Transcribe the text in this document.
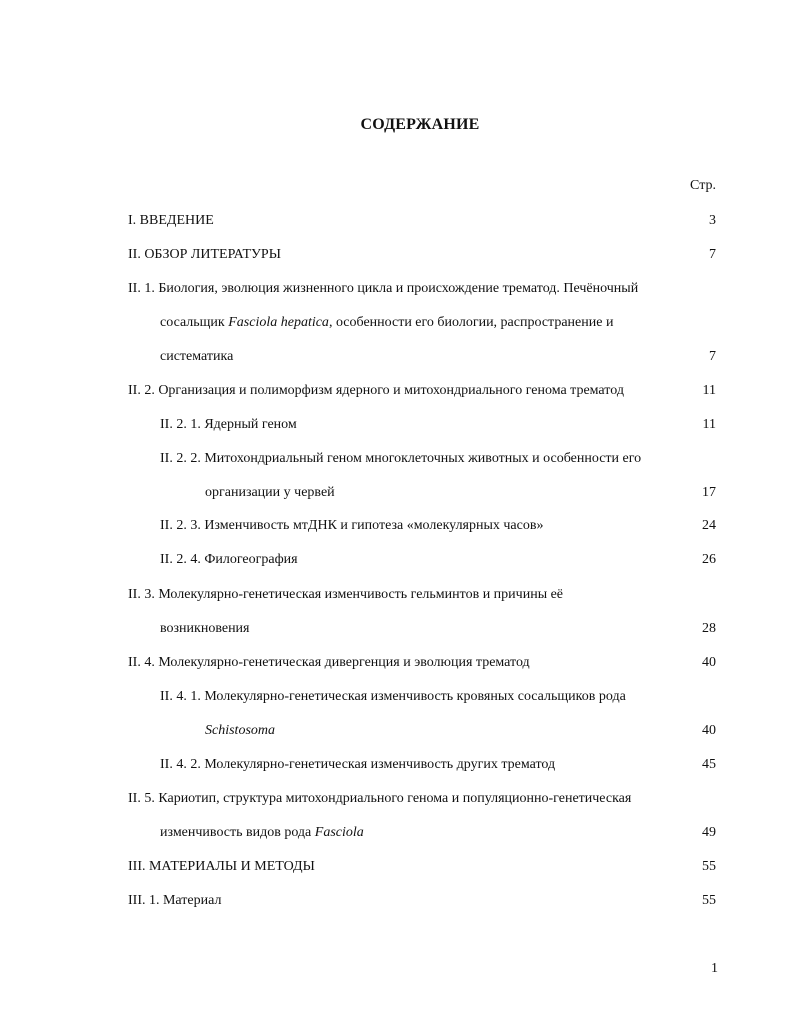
СОДЕРЖАНИЕ
Стр.
I. ВВЕДЕНИЕ	3
II. ОБЗОР ЛИТЕРАТУРЫ	7
II. 1. Биология, эволюция жизненного цикла и происхождение трематод. Печёночный
сосальщик Fasciola hepatica, особенности его биологии, распространение и
систематика	7
II. 2. Организация и полиморфизм ядерного и митохондриального генома трематод	11
II. 2. 1. Ядерный геном	11
II. 2. 2. Митохондриальный геном многоклеточных животных и особенности его
организации у червей	17
II. 2. 3. Изменчивость мтДНК и гипотеза «молекулярных часов»	24
II. 2. 4. Филогеография	26
II. 3. Молекулярно-генетическая изменчивость гельминтов и причины её
возникновения	28
II. 4. Молекулярно-генетическая дивергенция и эволюция трематод	40
II. 4. 1. Молекулярно-генетическая изменчивость кровяных сосальщиков рода
Schistosoma	40
II. 4. 2. Молекулярно-генетическая изменчивость других трематод	45
II. 5. Кариотип, структура митохондриального генома и популяционно-генетическая
изменчивость видов рода Fasciola	49
III. МАТЕРИАЛЫ И МЕТОДЫ	55
III. 1. Материал	55
1
